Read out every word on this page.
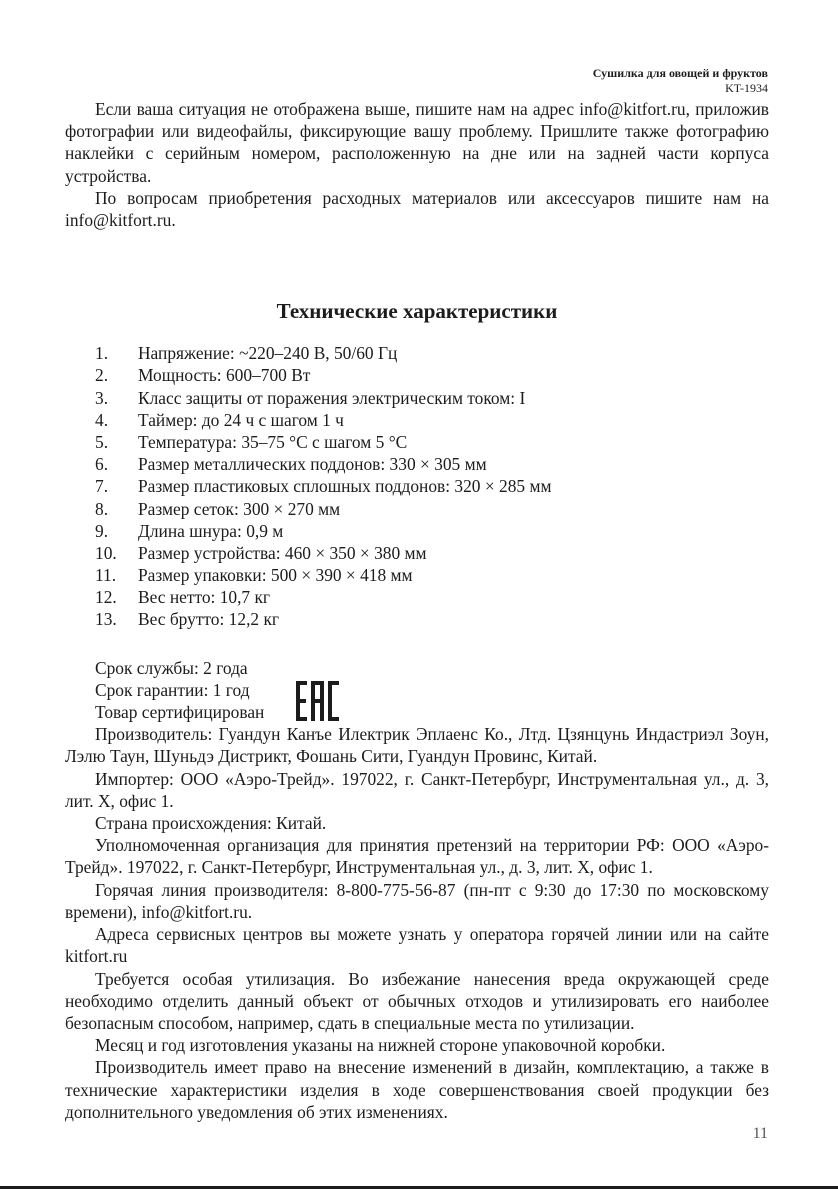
Сушилка для овощей и фруктов
KT-1934

Если ваша ситуация не отображена выше, пишите нам на адрес info@kitfort.ru, приложив фотографии или видеофайлы, фиксирующие вашу проблему. Пришлите также фотографию наклейки с серийным номером, расположенную на дне или на задней части корпуса устройства.

По вопросам приобретения расходных материалов или аксессуаров пишите нам на info@kitfort.ru.

Технические характеристики
1.	Напряжение: ~220–240 В, 50/60 Гц
2.	Мощность: 600–700 Вт
3.	Класс защиты от поражения электрическим током: I
4.	Таймер: до 24 ч с шагом 1 ч
5.	Температура: 35–75 °С с шагом 5 °С
6.	Размер металлических поддонов: 330 × 305 мм
7.	Размер пластиковых сплошных поддонов: 320 × 285 мм
8.	Размер сеток: 300 × 270 мм
9.	Длина шнура: 0,9 м
10.	Размер устройства: 460 × 350 × 380 мм
11.	Размер упаковки: 500 × 390 × 418 мм
12.	Вес нетто: 10,7 кг
13.	Вес брутто: 12,2 кг

Срок службы: 2 года

Срок гарантии: 1 год

Товар сертифицирован

Производитель: Гуандун Канъе Илектрик Эплаенс Ко., Лтд. Цзянцунь Индастриэл Зоун, Лэлю Таун, Шуньдэ Дистрикт, Фошань Сити, Гуандун Провинс, Китай.

Импортер: ООО «Аэро-Трейд». 197022, г. Санкт-Петербург, Инструментальная ул., д. 3, лит. Х, офис 1.

Страна происхождения: Китай.

Уполномоченная организация для принятия претензий на территории РФ: ООО «Аэро-Трейд». 197022, г. Санкт-Петербург, Инструментальная ул., д. 3, лит. Х, офис 1.

Горячая линия производителя: 8-800-775-56-87 (пн-пт с 9:30 до 17:30 по московскому времени), info@kitfort.ru.

Адреса сервисных центров вы можете узнать у оператора горячей линии или на сайте kitfort.ru

Требуется особая утилизация. Во избежание нанесения вреда окружающей среде необходимо отделить данный объект от обычных отходов и утилизировать его наиболее безопасным способом, например, сдать в специальные места по утилизации.

Месяц и год изготовления указаны на нижней стороне упаковочной коробки.

Производитель имеет право на внесение изменений в дизайн, комплектацию, а также в технические характеристики изделия в ходе совершенствования своей продукции без дополнительного уведомления об этих изменениях.

11
